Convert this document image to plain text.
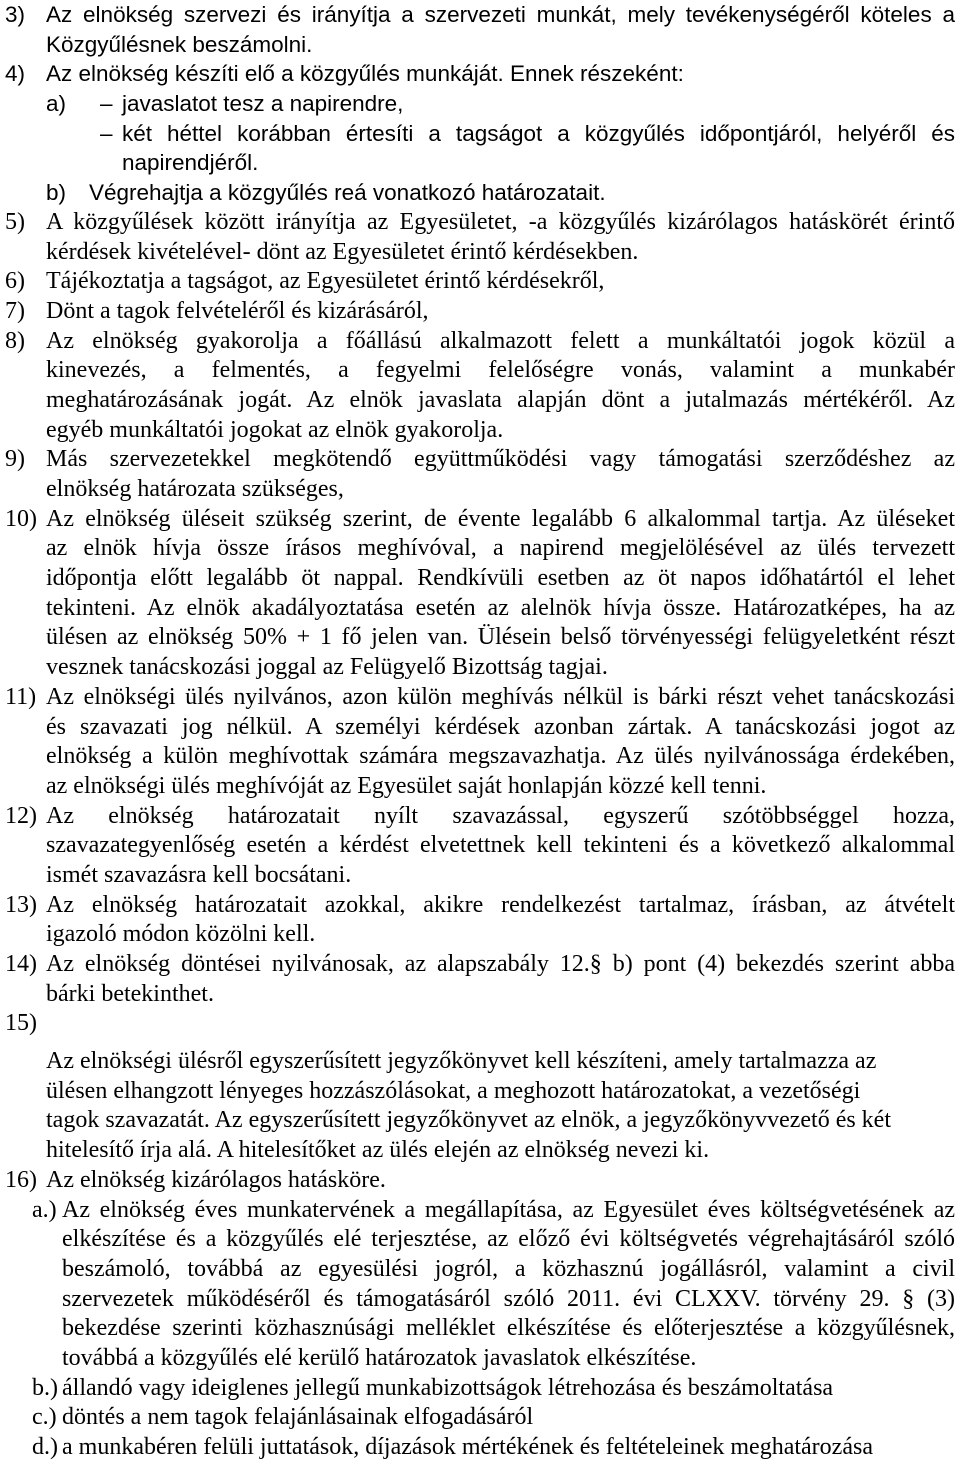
3) Az elnökség szervezi és irányítja a szervezeti munkát, mely tevékenységéről köteles a
Közgyűlésnek beszámolni.
4) Az elnökség készíti elő a közgyűlés munkáját. Ennek részeként:
a) – javaslatot tesz a napirendre,
– két héttel korábban értesíti a tagságot a közgyűlés időpontjáról, helyéről és
napirendjéről.
b) Végrehajtja a közgyűlés reá vonatkozó határozatait.
5) A közgyűlések között irányítja az Egyesületet, -a közgyűlés kizárólagos hatáskörét érintő
kérdések kivételével- dönt az Egyesületet érintő kérdésekben.
6) Tájékoztatja a tagságot, az Egyesületet érintő kérdésekről,
7) Dönt a tagok felvételéről és kizárásáról,
8) Az elnökség gyakorolja a főállású alkalmazott felett a munkáltatói jogok közül a
kinevezés, a felmentés, a fegyelmi felelőségre vonás, valamint a munkabér
meghatározásának jogát. Az elnök javaslata alapján dönt a jutalmazás mértékéről. Az
egyéb munkáltatói jogokat az elnök gyakorolja.
9) Más szervezetekkel megkötendő együttműködési vagy támogatási szerződéshez az
elnökség határozata szükséges,
10) Az elnökség üléseit szükség szerint, de évente legalább 6 alkalommal tartja. Az üléseket
az elnök hívja össze írásos meghívóval, a napirend megjelölésével az ülés tervezett
időpontja előtt legalább öt nappal. Rendkívüli esetben az öt napos időhatártól el lehet
tekinteni. Az elnök akadályoztatása esetén az alelnök hívja össze. Határozatképes, ha az
ülésen az elnökség 50% + 1 fő jelen van. Ülésein belső törvényességi felügyeletként részt
vesznek tanácskozási joggal az Felügyelő Bizottság tagjai.
11) Az elnökségi ülés nyilvános, azon külön meghívás nélkül is bárki részt vehet tanácskozási
és szavazati jog nélkül. A személyi kérdések azonban zártak. A tanácskozási jogot az
elnökség a külön meghívottak számára megszavazhatja. Az ülés nyilvánossága érdekében,
az elnökségi ülés meghívóját az Egyesület saját honlapján közzé kell tenni.
12) Az elnökség határozatait nyílt szavazással, egyszerű szótöbbséggel hozza,
szavazategyenlőség esetén a kérdést elvetettnek kell tekinteni és a következő alkalommal
ismét szavazásra kell bocsátani.
13) Az elnökség határozatait azokkal, akikre rendelkezést tartalmaz, írásban, az átvételt
igazoló módon közölni kell.
14) Az elnökség döntései nyilvánosak, az alapszabály 12.§ b) pont (4) bekezdés szerint abba
bárki betekinthet.
15)
Az elnökségi ülésről egyszerűsített jegyzőkönyvet kell készíteni, amely tartalmazza az
ülésen elhangzott lényeges hozzászólásokat, a meghozott határozatokat, a vezetőségi
tagok szavazatát. Az egyszerűsített jegyzőkönyvet az elnök, a jegyzőkönyvvezető és két
hitelesítő írja alá. A hitelesítőket az ülés elején az elnökség nevezi ki.
16) Az elnökség kizárólagos hatásköre.
a.) Az elnökség éves munkatervének a megállapítása, az Egyesület éves költségvetésének az
elkészítése és a közgyűlés elé terjesztése, az előző évi költségvetés végrehajtásáról szóló
beszámoló, továbbá az egyesülési jogról, a közhasznú jogállásról, valamint a civil
szervezetek működéséről és támogatásáról szóló 2011. évi CLXXV. törvény 29. § (3)
bekezdése szerinti közhasznúsági melléklet elkészítése és előterjesztése a közgyűlésnek,
továbbá a közgyűlés elé kerülő határozatok javaslatok elkészítése.
b.) állandó vagy ideiglenes jellegű munkabizottságok létrehozása és beszámoltatása
c.) döntés a nem tagok felajánlásainak elfogadásáról
d.) a munkabéren felüli juttatások, díjazások mértékének és feltételeinek meghatározása
